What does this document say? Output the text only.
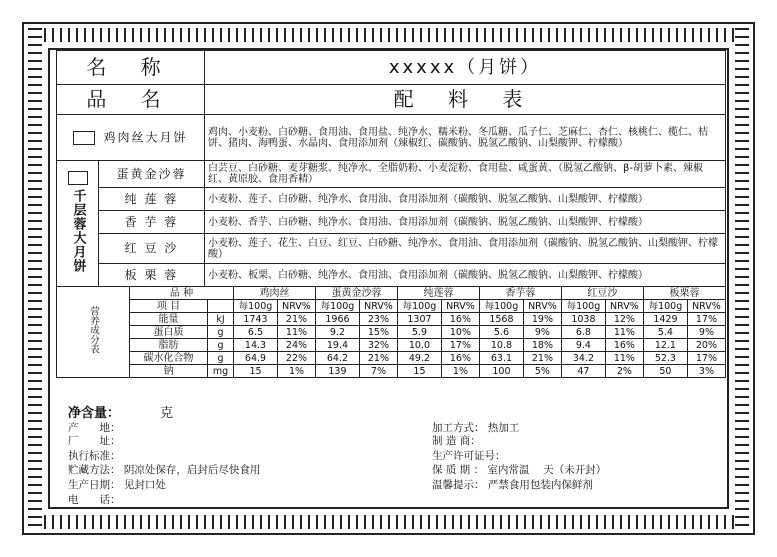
名 称	xxxxx（月饼）
品 名	配 料 表
鸡肉丝大月饼	鸡肉、小麦粉、白砂糖、食用油、食用盐、纯净水、糯米粉、冬瓜糖、瓜子仁、芝麻仁、杏仁、核桃仁、榄仁、桔饼、猪肉、海鸭蛋、水晶肉、食用添加剂（辣椒红、碳酸钠、脱氢乙酸钠、山梨酸钾、柠檬酸）

千层蓉大月饼	蛋黄金沙蓉	白芸豆、白砂糖、麦芽糖浆、纯净水、全脂奶粉、小麦淀粉、食用盐、咸蛋黄、（脱氢乙酸钠、β-胡萝卜素、辣椒红、黄原胶、食用香精）
	纯 莲 蓉	小麦粉、莲子、白砂糖、纯净水、食用油、食用添加剂（碳酸钠、脱氢乙酸钠、山梨酸钾、柠檬酸）
	香 芋 蓉	小麦粉、香芋、白砂糖、纯净水、食用油、食用添加剂（碳酸钠、脱氢乙酸钠、山梨酸钾、柠檬酸）
	红 豆 沙	小麦粉、莲子、花生、白豆、红豆、白砂糖、纯净水、食用油、食用添加剂（碳酸钠、脱氢乙酸钠、山梨酸钾、柠檬酸）
	板 栗 蓉	小麦粉、板栗、白砂糖、纯净水、食用油、食用添加剂（碳酸钠、脱氢乙酸钠、山梨酸钾、柠檬酸）
营养成分表	品 种		鸡肉丝		蛋黄金沙蓉		纯莲蓉		香芋蓉		红豆沙		板栗蓉	
	项 目		每100g	NRV%	每100g	NRV%	每100g	NRV%	每100g	NRV%	每100g	NRV%	每100g	NRV%
	能量	kJ	1743	21%	1966	23%	1307	16%	1568	19%	1038	12%	1429	17%
	蛋白质	g	6.5	11%	9.2	15%	5.9	10%	5.6	9%	6.8	11%	5.4	9%
	脂肪	g	14.3	24%	19.4	32%	10.0	17%	10.8	18%	9.4	16%	12.1	20%
	碳水化合物	g	64.9	22%	64.2	21%	49.2	16%	63.1	21%	34.2	11%	52.3	17%
	钠	mg	15	1%	139	7%	15	1%	100	5%	47	2%	50	3%
净含量：	克
产　　地：
厂　　址：
执行标准：
贮藏方法： 阴凉处保存，启封后尽快食用
生产日期： 见封口处
电　　话：
加工方式： 热加工
制 造 商：
生产许可证号：
保 质 期 ： 室内常温　 天（未开封）
温馨提示： 严禁食用包装内保鲜剂
